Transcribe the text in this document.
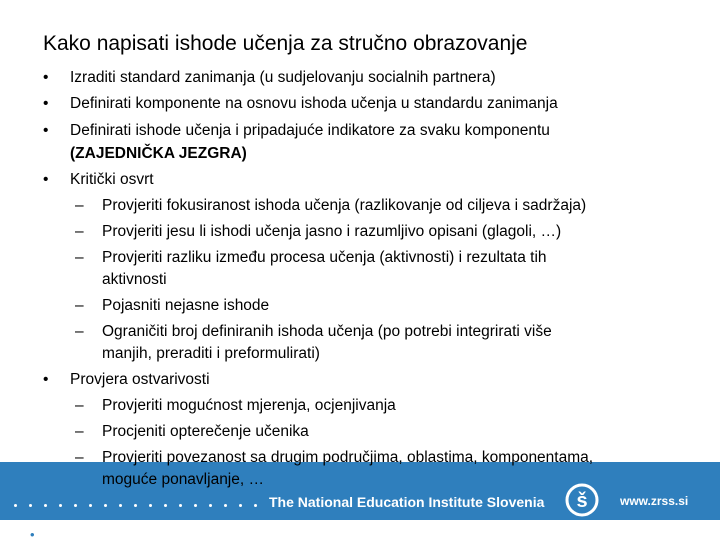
Kako napisati ishode učenja za stručno obrazovanje
• Izraditi standard zanimanja (u sudjelovanju socialnih partnera)
• Definirati komponente na osnovu ishoda učenja u standardu zanimanja
• Definirati ishode učenja i pripadajuće indikatore za svaku komponentu
(ZAJEDNIČKA JEZGRA)
• Kritički osvrt
– Provjeriti fokusiranost ishoda učenja (razlikovanje od ciljeva i sadržaja)
– Provjeriti jesu li ishodi učenja jasno i razumljivo opisani (glagoli, …)
– Provjeriti razliku između procesa učenja (aktivnosti) i rezultata tih
aktivnosti
– Pojasniti nejasne ishode
– Ograničiti broj definiranih ishoda učenja (po potrebi integrirati više
manjih, preraditi i preformulirati)
• Provjera ostvarivosti
– Provjeriti mogućnost mjerenja, ocjenjivanja
– Procjeniti opterečenje učenika
– Provjeriti povezanost sa drugim područjima, oblastima, komponentama,
moguće ponavljanje, …
The National Education Institute Slovenia š	www.zrss.si
•
